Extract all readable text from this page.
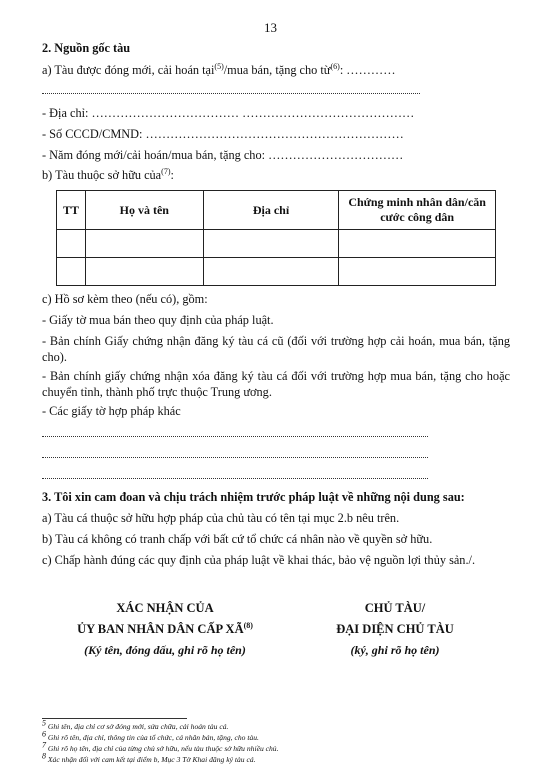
13
2. Nguồn gốc tàu
a) Tàu được đóng mới, cải hoán tại$^{(5)}$/mua bán, tặng cho từ$^{(6)}$: …………
- Địa chỉ: ……………………………… ……………………………………
- Số CCCD/CMND: ………………………………………………………
- Năm đóng mới/cải hoán/mua bán, tặng cho: ……………………………
b) Tàu thuộc sở hữu của$^{(7)}$:
TT	Họ và tên	Địa chỉ	Chứng minh nhân dân/căn cước công dân

c) Hồ sơ kèm theo (nếu có), gồm:
- Giấy tờ mua bán theo quy định của pháp luật.
- Bản chính Giấy chứng nhận đăng ký tàu cá cũ (đối với trường hợp cải hoán, mua bán, tặng cho).
- Bản chính giấy chứng nhận xóa đăng ký tàu cá đối với trường hợp mua bán, tặng cho hoặc chuyển tỉnh, thành phố trực thuộc Trung ương.
- Các giấy tờ hợp pháp khác
3. Tôi xin cam đoan và chịu trách nhiệm trước pháp luật về những nội dung sau:
a) Tàu cá thuộc sở hữu hợp pháp của chủ tàu có tên tại mục 2.b nêu trên.
b) Tàu cá không có tranh chấp với bất cứ tổ chức cá nhân nào về quyền sở hữu.
c) Chấp hành đúng các quy định của pháp luật về khai thác, bảo vệ nguồn lợi thủy sản./.
XÁC NHẬN CỦA
ỦY BAN NHÂN DÂN CẤP XÃ$^{(8)}$
(Ký tên, đóng dấu, ghi rõ họ tên)
CHỦ TÀU/
ĐẠI DIỆN CHỦ TÀU
(ký, ghi rõ họ tên)
$^5$ Ghi tên, địa chỉ cơ sở đóng mới, sửa chữa, cải hoán tàu cá.
$^6$ Ghi rõ tên, địa chỉ, thông tin của tổ chức, cá nhân bán, tặng, cho tàu.
$^7$ Ghi rõ họ tên, địa chỉ của từng chủ sở hữu, nếu tàu thuộc sở hữu nhiều chủ.
$^8$ Xác nhận đối với cam kết tại điểm b, Mục 3 Tờ Khai đăng ký tàu cá.
